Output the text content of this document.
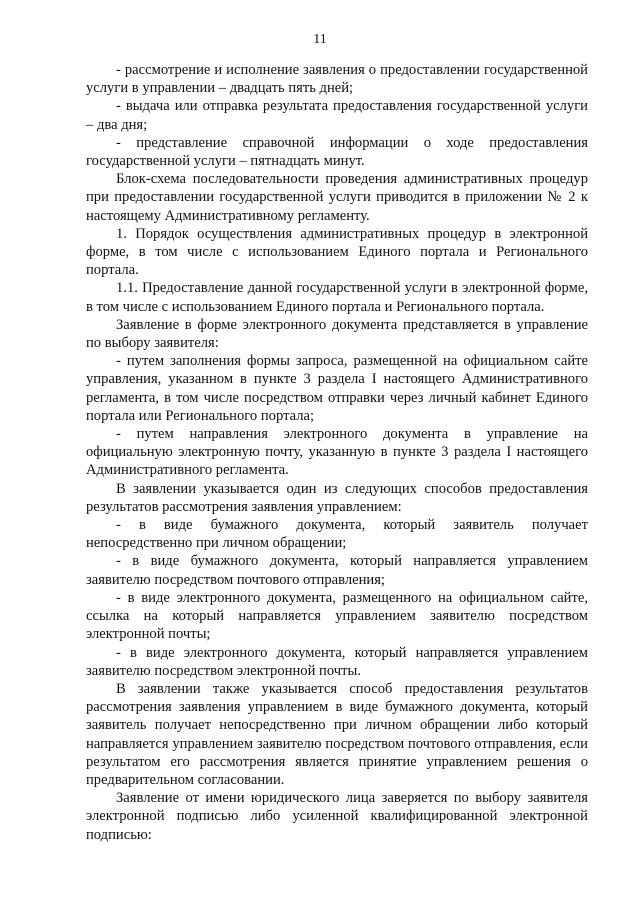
11

- рассмотрение и исполнение заявления о предоставлении государственной услуги в управлении – двадцать пять дней;

- выдача или отправка результата предоставления государственной услуги – два дня;

- представление справочной информации о ходе предоставления государственной услуги – пятнадцать минут.

Блок-схема последовательности проведения административных процедур при предоставлении государственной услуги приводится в приложении № 2 к настоящему Административному регламенту.

1. Порядок осуществления административных процедур в электронной форме, в том числе с использованием Единого портала и Регионального портала.

1.1. Предоставление данной государственной услуги в электронной форме, в том числе с использованием Единого портала и Регионального портала.

Заявление в форме электронного документа представляется в управление по выбору заявителя:

- путем заполнения формы запроса, размещенной на официальном сайте управления, указанном в пункте 3 раздела I настоящего Административного регламента, в том числе посредством отправки через личный кабинет Единого портала или Регионального портала;

- путем направления электронного документа в управление на официальную электронную почту, указанную в пункте 3 раздела I настоящего Административного регламента.

В заявлении указывается один из следующих способов предоставления результатов рассмотрения заявления управлением:

- в виде бумажного документа, который заявитель получает непосредственно при личном обращении;

- в виде бумажного документа, который направляется управлением заявителю посредством почтового отправления;

- в виде электронного документа, размещенного на официальном сайте, ссылка на который направляется управлением заявителю посредством электронной почты;

- в виде электронного документа, который направляется управлением заявителю посредством электронной почты.

В заявлении также указывается способ предоставления результатов рассмотрения заявления управлением в виде бумажного документа, который заявитель получает непосредственно при личном обращении либо который направляется управлением заявителю посредством почтового отправления, если результатом его рассмотрения является принятие управлением решения о предварительном согласовании.

Заявление от имени юридического лица заверяется по выбору заявителя электронной подписью либо усиленной квалифицированной электронной подписью:
